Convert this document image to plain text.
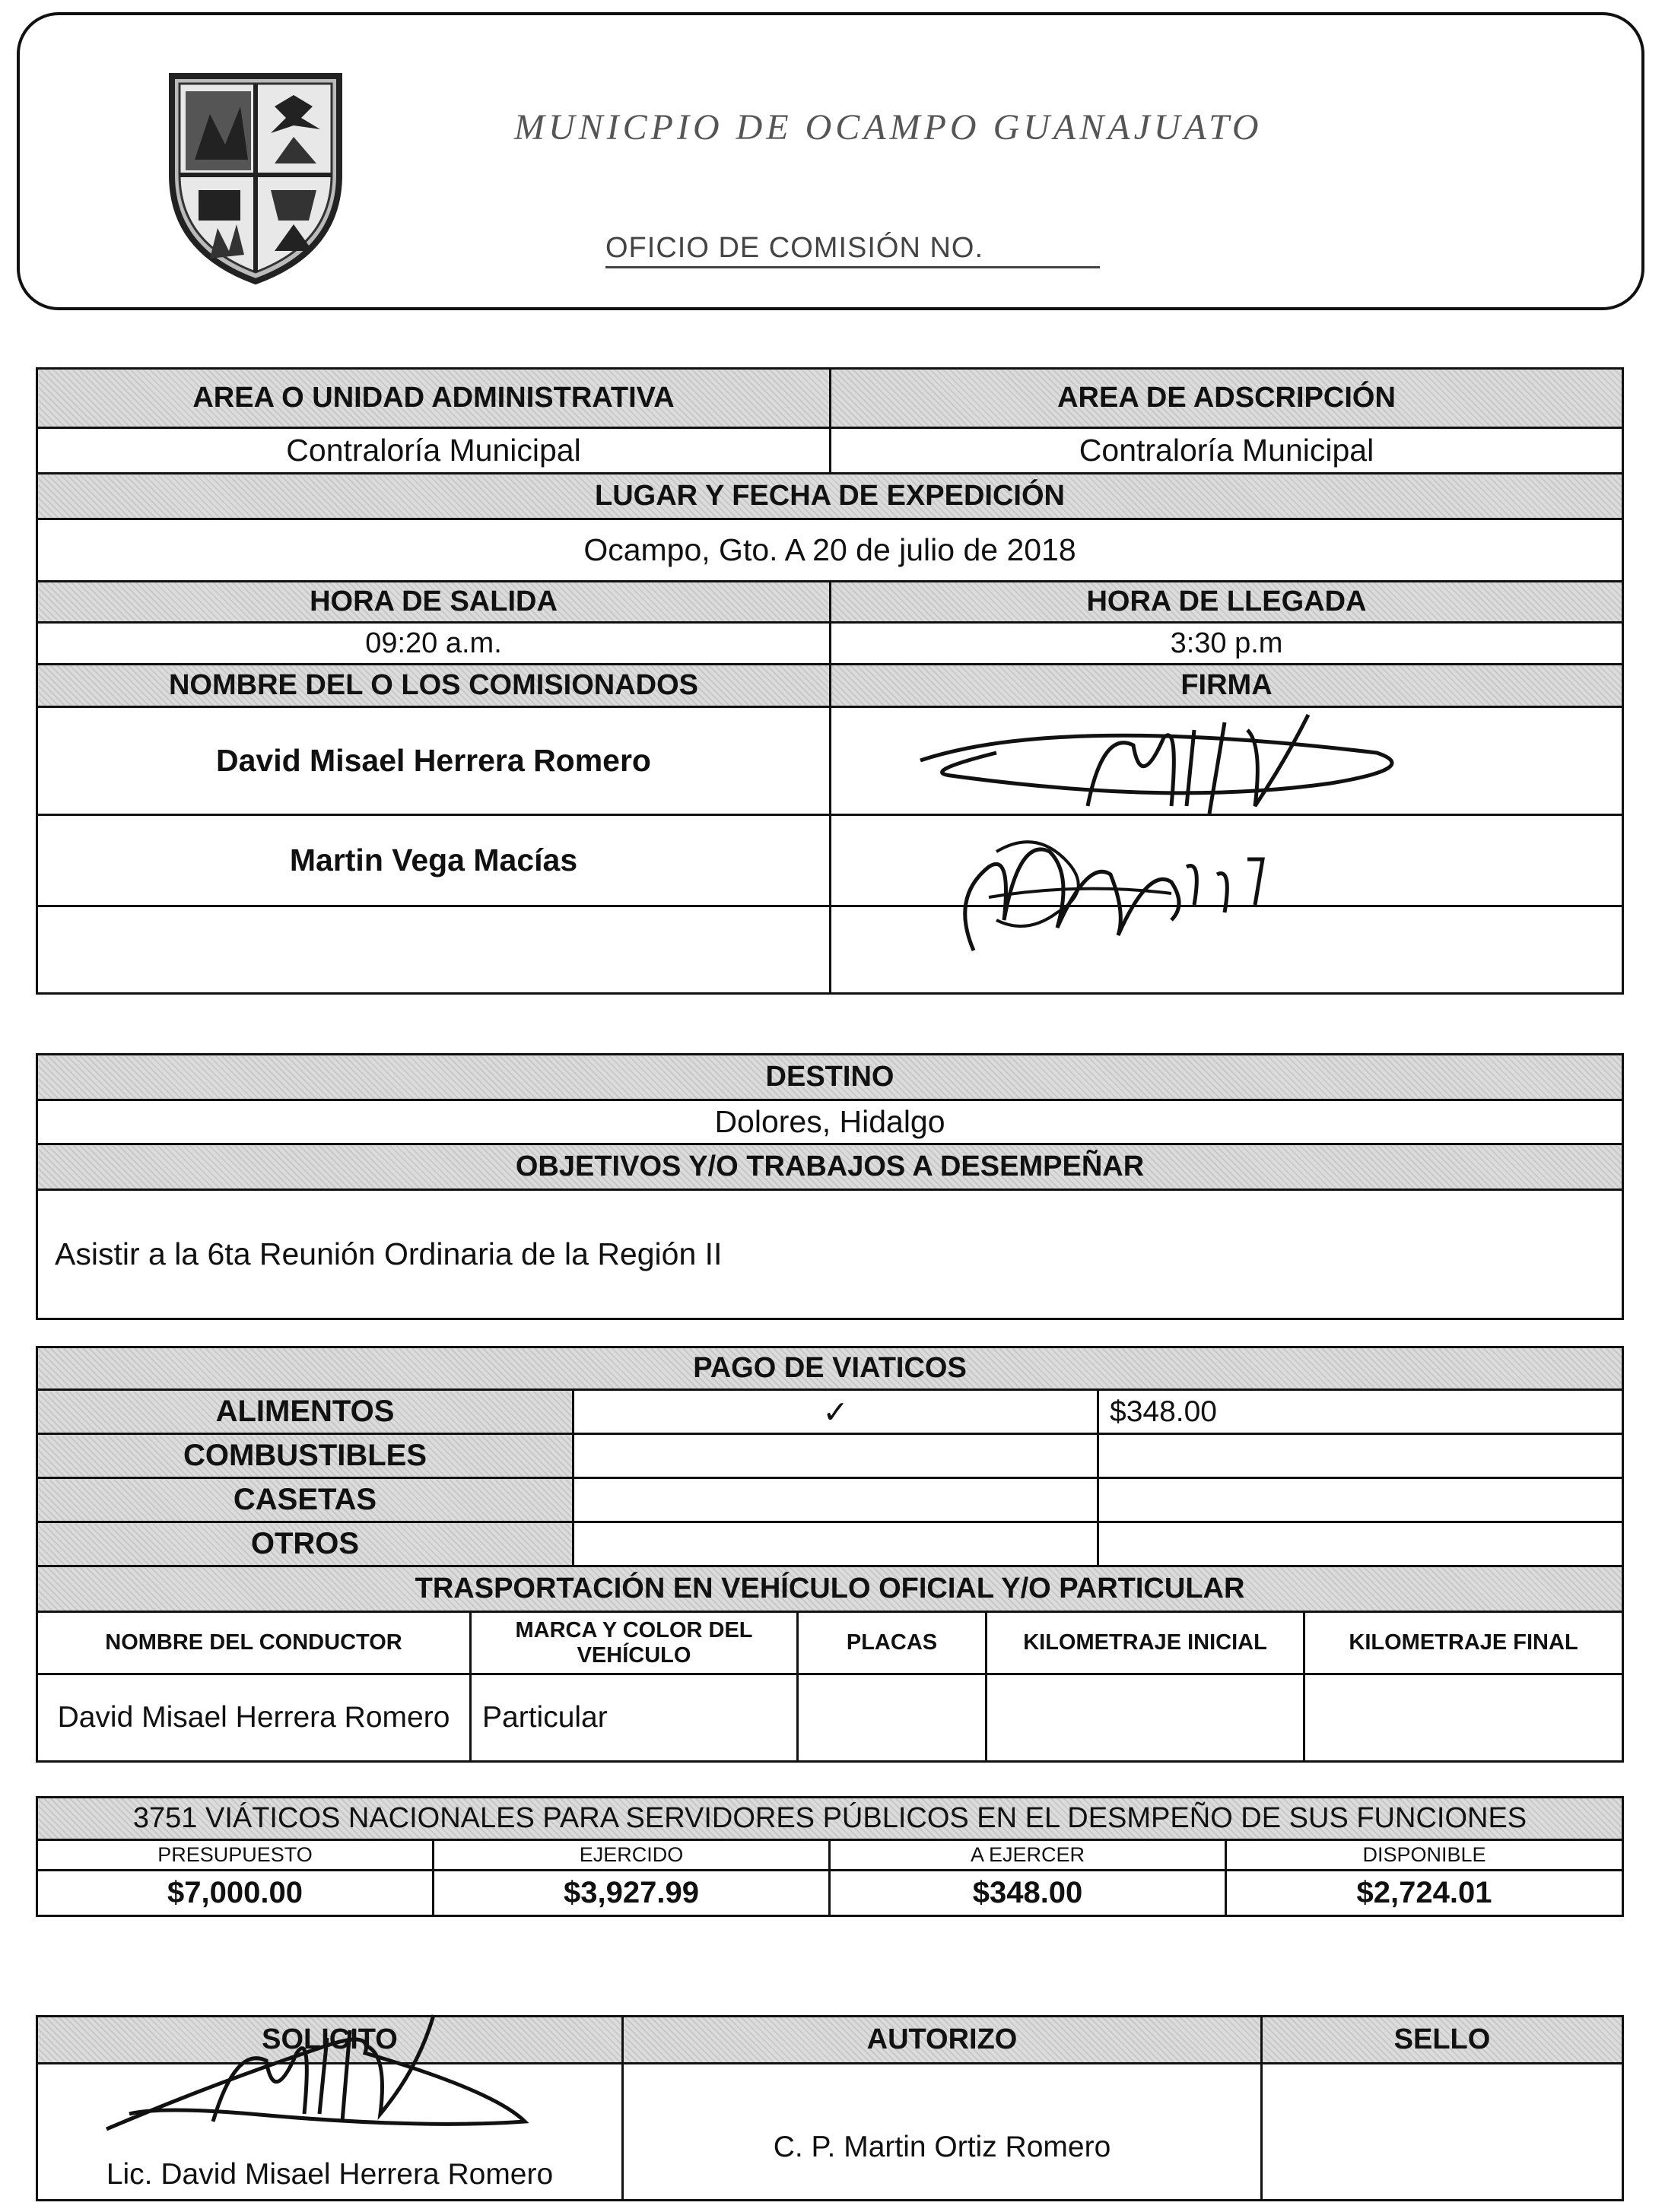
MUNICPIO DE OCAMPO GUANAJUATO
OFICIO DE COMISIÓN NO.
AREA O UNIDAD ADMINISTRATIVA	AREA DE ADSCRIPCIÓN
Contraloría Municipal	Contraloría Municipal
LUGAR Y FECHA DE EXPEDICIÓN	
Ocampo, Gto. A 20 de julio de 2018	
HORA DE SALIDA	HORA DE LLEGADA
09:20 a.m.	3:30 p.m
NOMBRE DEL O LOS COMISIONADOS	FIRMA
David Misael Herrera Romero	
Martin Vega Macías	

DESTINO
Dolores, Hidalgo
OBJETIVOS Y/O TRABAJOS A DESEMPEÑAR
Asistir a la 6ta Reunión Ordinaria de la Región II
PAGO DE VIATICOS		
ALIMENTOS	✓	$348.00
COMBUSTIBLES		
CASETAS		
OTROS		
TRASPORTACIÓN EN VEHÍCULO OFICIAL Y/O PARTICULAR				
NOMBRE DEL CONDUCTOR	MARCA Y COLOR DEL VEHÍCULO	PLACAS	KILOMETRAJE INICIAL	KILOMETRAJE FINAL
David Misael Herrera Romero	Particular			
3751 VIÁTICOS NACIONALES PARA SERVIDORES PÚBLICOS EN EL DESMPEÑO DE SUS FUNCIONES			
PRESUPUESTO	EJERCIDO	A EJERCER	DISPONIBLE
$7,000.00	$3,927.99	$348.00	$2,724.01
SOLICITO	AUTORIZO	SELLO
Lic. David Misael Herrera Romero	C. P. Martin Ortiz Romero	
